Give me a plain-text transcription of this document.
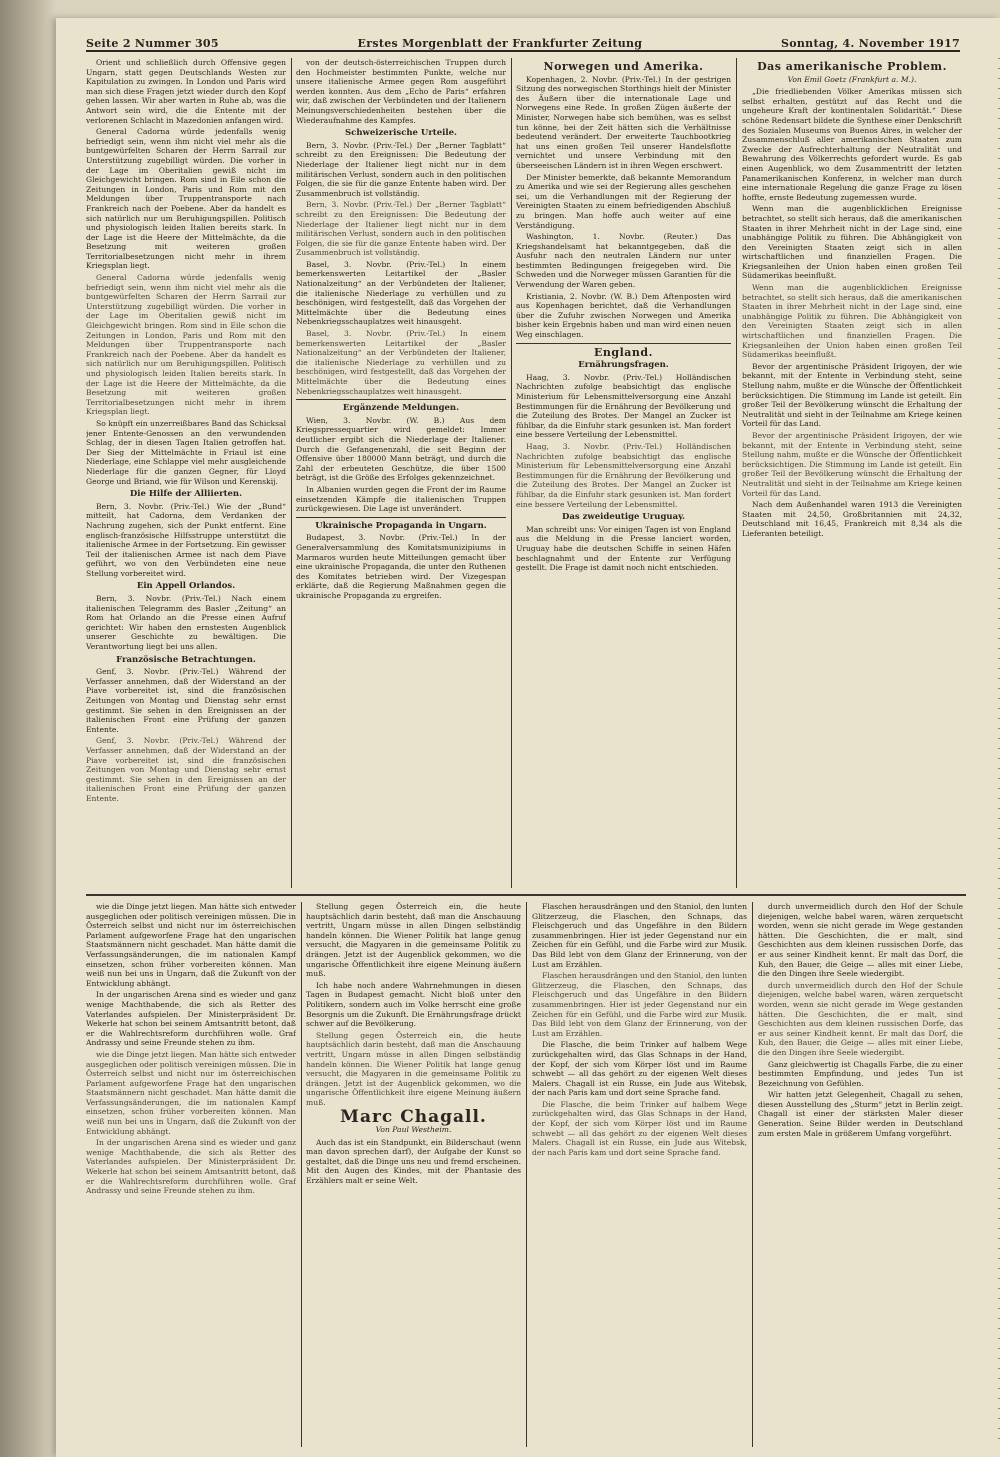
Seite 2 Nummer 305	Erstes Morgenblatt der Frankfurter Zeitung	Sonntag, 4. November 1917

Orient und schließlich durch Offensive gegen Ungarn, statt gegen Deutschlands Westen zur Kapitulation zu zwingen. In London und Paris wird man sich diese Fragen jetzt wieder durch den Kopf gehen lassen. Wir aber warten in Ruhe ab, was die Antwort sein wird, die die Entente mit der verlorenen Schlacht in Mazedonien anfangen wird.

General Cadorna würde jedenfalls wenig befriedigt sein, wenn ihm nicht viel mehr als die buntgewürfelten Scharen der Herrn Sarrail zur Unterstützung zugebilligt würden. Die vorher in der Lage im Oberitalien gewiß nicht im Gleichgewicht bringen. Rom sind in Eile schon die Zeitungen in London, Paris und Rom mit den Meldungen über Truppentransporte nach Frankreich nach der Poebene. Aber da handelt es sich natürlich nur um Beruhigungspillen. Politisch und physiologisch leiden Italien bereits stark. In der Lage ist die Heere der Mittelmächte, da die Besetzung mit weiteren großen Territorialbesetzungen nicht mehr in ihrem Kriegsplan liegt.

General Cadorna würde jedenfalls wenig befriedigt sein, wenn ihm nicht viel mehr als die buntgewürfelten Scharen der Herrn Sarrail zur Unterstützung zugebilligt würden. Die vorher in der Lage im Oberitalien gewiß nicht im Gleichgewicht bringen. Rom sind in Eile schon die Zeitungen in London, Paris und Rom mit den Meldungen über Truppentransporte nach Frankreich nach der Poebene. Aber da handelt es sich natürlich nur um Beruhigungspillen. Politisch und physiologisch leiden Italien bereits stark. In der Lage ist die Heere der Mittelmächte, da die Besetzung mit weiteren großen Territorialbesetzungen nicht mehr in ihrem Kriegsplan liegt.

So knüpft ein unzerreißbares Band das Schicksal jener Entente-Genossen an den verwundenden Schlag, der in diesen Tagen Italien getroffen hat. Der Sieg der Mittelmächte in Friaul ist eine Niederlage, eine Schlappe viel mehr ausgleichende Niederlage für die ganzen Gegner, für Lloyd George und Briand, wie für Wilson und Kerenskij.

Die Hilfe der Alliierten.

Bern, 3. Novbr. (Priv.-Tel.) Wie der „Bund“ mitteilt, hat Cadorna, dem Verdanken der Nachrung zugehen, sich der Punkt entfernt. Eine englisch-französische Hilfsstruppe unterstützt die italienische Armee in der Fortsetzung. Ein gewisser Teil der italienischen Armee ist nach dem Piave geführt, wo von den Verbündeten eine neue Stellung vorbereitet wird.

Ein Appell Orlandos.

Bern, 3. Novbr. (Priv.-Tel.) Nach einem italienischen Telegramm des Basler „Zeitung“ an Rom hat Orlando an die Presse einen Aufruf gerichtet: Wir haben den ernstesten Augenblick unserer Geschichte zu bewältigen. Die Verantwortung liegt bei uns allen.

Französische Betrachtungen.

Genf, 3. Novbr. (Priv.-Tel.) Während der Verfasser annehmen, daß der Widerstand an der Piave vorbereitet ist, sind die französischen Zeitungen von Montag und Dienstag sehr ernst gestimmt. Sie sehen in den Ereignissen an der italienischen Front eine Prüfung der ganzen Entente.

Genf, 3. Novbr. (Priv.-Tel.) Während der Verfasser annehmen, daß der Widerstand an der Piave vorbereitet ist, sind die französischen Zeitungen von Montag und Dienstag sehr ernst gestimmt. Sie sehen in den Ereignissen an der italienischen Front eine Prüfung der ganzen Entente.

von der deutsch-österreichischen Truppen durch den Hochmeister bestimmten Punkte, welche nur unsere italienische Armee gegen Rom ausgeführt werden konnten. Aus dem „Echo de Paris“ erfahren wir, daß zwischen der Verbündeten und der Italienern Meinungsverschiedenheiten bestehen über die Wiederaufnahme des Kampfes.

Schweizerische Urteile.

Bern, 3. Novbr. (Priv.-Tel.) Der „Berner Tagblatt“ schreibt zu den Ereignissen: Die Bedeutung der Niederlage der Italiener liegt nicht nur in dem militärischen Verlust, sondern auch in den politischen Folgen, die sie für die ganze Entente haben wird. Der Zusammenbruch ist vollständig.

Bern, 3. Novbr. (Priv.-Tel.) Der „Berner Tagblatt“ schreibt zu den Ereignissen: Die Bedeutung der Niederlage der Italiener liegt nicht nur in dem militärischen Verlust, sondern auch in den politischen Folgen, die sie für die ganze Entente haben wird. Der Zusammenbruch ist vollständig.

Basel, 3. Novbr. (Priv.-Tel.) In einem bemerkenswerten Leitartikel der „Basler Nationalzeitung“ an der Verbündeten der Italiener, die italienische Niederlage zu verhüllen und zu beschönigen, wird festgestellt, daß das Vorgehen der Mittelmächte über die Bedeutung eines Nebenkriegsschauplatzes weit hinausgeht.

Basel, 3. Novbr. (Priv.-Tel.) In einem bemerkenswerten Leitartikel der „Basler Nationalzeitung“ an der Verbündeten der Italiener, die italienische Niederlage zu verhüllen und zu beschönigen, wird festgestellt, daß das Vorgehen der Mittelmächte über die Bedeutung eines Nebenkriegsschauplatzes weit hinausgeht.

Ergänzende Meldungen.

Wien, 3. Novbr. (W. B.) Aus dem Kriegspressequartier wird gemeldet: Immer deutlicher ergibt sich die Niederlage der Italiener. Durch die Gefangenenzahl, die seit Beginn der Offensive über 180000 Mann beträgt, und durch die Zahl der erbeuteten Geschütze, die über 1500 beträgt, ist die Größe des Erfolges gekennzeichnet.

In Albanien wurden gegen die Front der im Raume einsetzenden Kämpfe die italienischen Truppen zurückgewiesen. Die Lage ist unverändert.

Ukrainische Propaganda in Ungarn.

Budapest, 3. Novbr. (Priv.-Tel.) In der Generalversammlung des Komitatsmunizipiums in Marmaros wurden heute Mitteilungen gemacht über eine ukrainische Propaganda, die unter den Ruthenen des Komitates betrieben wird. Der Vizegespan erklärte, daß die Regierung Maßnahmen gegen die ukrainische Propaganda zu ergreifen.

Norwegen und Amerika.

Kopenhagen, 2. Novbr. (Priv.-Tel.) In der gestrigen Sitzung des norwegischen Storthings hielt der Minister des Äußern über die internationale Lage und Norwegens eine Rede. In großen Zügen äußerte der Minister, Norwegen habe sich bemühen, was es selbst tun könne, bei der Zeit hätten sich die Verhältnisse bedeutend verändert. Der erweiterte Tauchbootkrieg hat uns einen großen Teil unserer Handelsflotte vernichtet und unsere Verbindung mit den überseeischen Ländern ist in ihren Wegen erschwert.

Der Minister bemerkte, daß bekannte Memorandum zu Amerika und wie sei der Regierung alles geschehen sei, um die Verhandlungen mit der Regierung der Vereinigten Staaten zu einem befriedigenden Abschluß zu bringen. Man hoffe auch weiter auf eine Verständigung.

Washington, 1. Novbr. (Reuter.) Das Kriegshandelsamt hat bekanntgegeben, daß die Ausfuhr nach den neutralen Ländern nur unter bestimmten Bedingungen freigegeben wird. Die Schweden und die Norweger müssen Garantien für die Verwendung der Waren geben.

Kristiania, 2. Novbr. (W. B.) Dem Aftenposten wird aus Kopenhagen berichtet, daß die Verhandlungen über die Zufuhr zwischen Norwegen und Amerika bisher kein Ergebnis haben und man wird einen neuen Weg einschlagen.

England.
Ernährungsfragen.

Haag, 3. Novbr. (Priv.-Tel.) Holländischen Nachrichten zufolge beabsichtigt das englische Ministerium für Lebensmittelversorgung eine Anzahl Bestimmungen für die Ernährung der Bevölkerung und die Zuteilung des Brotes. Der Mangel an Zucker ist fühlbar, da die Einfuhr stark gesunken ist. Man fordert eine bessere Verteilung der Lebensmittel.

Haag, 3. Novbr. (Priv.-Tel.) Holländischen Nachrichten zufolge beabsichtigt das englische Ministerium für Lebensmittelversorgung eine Anzahl Bestimmungen für die Ernährung der Bevölkerung und die Zuteilung des Brotes. Der Mangel an Zucker ist fühlbar, da die Einfuhr stark gesunken ist. Man fordert eine bessere Verteilung der Lebensmittel.

Das zweideutige Uruguay.

Man schreibt uns: Vor einigen Tagen ist von England aus die Meldung in die Presse lanciert worden, Uruguay habe die deutschen Schiffe in seinen Häfen beschlagnahmt und der Entente zur Verfügung gestellt. Die Frage ist damit noch nicht entschieden.

Das amerikanische Problem.
Von Emil Goetz (Frankfurt a. M.).

„Die friedliebenden Völker Amerikas müssen sich selbst erhalten, gestützt auf das Recht und die ungeheure Kraft der kontinentalen Solidarität.“ Diese schöne Redensart bildete die Synthese einer Denkschrift des Sozialen Museums von Buenos Aires, in welcher der Zusammenschluß aller amerikanischen Staaten zum Zwecke der Aufrechterhaltung der Neutralität und Bewahrung des Völkerrechts gefordert wurde. Es gab einen Augenblick, wo dem Zusammentritt der letzten Panamerikanischen Konferenz, in welcher man durch eine internationale Regelung die ganze Frage zu lösen hoffte, ernste Bedeutung zugemessen wurde.

Wenn man die augenblicklichen Ereignisse betrachtet, so stellt sich heraus, daß die amerikanischen Staaten in ihrer Mehrheit nicht in der Lage sind, eine unabhängige Politik zu führen. Die Abhängigkeit von den Vereinigten Staaten zeigt sich in allen wirtschaftlichen und finanziellen Fragen. Die Kriegsanleihen der Union haben einen großen Teil Südamerikas beeinflußt.

Wenn man die augenblicklichen Ereignisse betrachtet, so stellt sich heraus, daß die amerikanischen Staaten in ihrer Mehrheit nicht in der Lage sind, eine unabhängige Politik zu führen. Die Abhängigkeit von den Vereinigten Staaten zeigt sich in allen wirtschaftlichen und finanziellen Fragen. Die Kriegsanleihen der Union haben einen großen Teil Südamerikas beeinflußt.

Bevor der argentinische Präsident Irigoyen, der wie bekannt, mit der Entente in Verbindung steht, seine Stellung nahm, mußte er die Wünsche der Öffentlichkeit berücksichtigen. Die Stimmung im Lande ist geteilt. Ein großer Teil der Bevölkerung wünscht die Erhaltung der Neutralität und sieht in der Teilnahme am Kriege keinen Vorteil für das Land.

Bevor der argentinische Präsident Irigoyen, der wie bekannt, mit der Entente in Verbindung steht, seine Stellung nahm, mußte er die Wünsche der Öffentlichkeit berücksichtigen. Die Stimmung im Lande ist geteilt. Ein großer Teil der Bevölkerung wünscht die Erhaltung der Neutralität und sieht in der Teilnahme am Kriege keinen Vorteil für das Land.

Nach dem Außenhandel waren 1913 die Vereinigten Staaten mit 24,50, Großbritannien mit 24,32, Deutschland mit 16,45, Frankreich mit 8,34 als die Lieferanten beteiligt.

wie die Dinge jetzt liegen. Man hätte sich entweder ausgeglichen oder politisch vereinigen müssen. Die in Österreich selbst und nicht nur im österreichischen Parlament aufgeworfene Frage hat den ungarischen Staatsmännern nicht geschadet. Man hätte damit die Verfassungsänderungen, die im nationalen Kampf einsetzen, schon früher vorbereiten können. Man weiß nun bei uns in Ungarn, daß die Zukunft von der Entwicklung abhängt.

In der ungarischen Arena sind es wieder und ganz wenige Machthabende, die sich als Retter des Vaterlandes aufspielen. Der Ministerpräsident Dr. Wekerle hat schon bei seinem Amtsantritt betont, daß er die Wahlrechtsreform durchführen wolle. Graf Andrassy und seine Freunde stehen zu ihm.

wie die Dinge jetzt liegen. Man hätte sich entweder ausgeglichen oder politisch vereinigen müssen. Die in Österreich selbst und nicht nur im österreichischen Parlament aufgeworfene Frage hat den ungarischen Staatsmännern nicht geschadet. Man hätte damit die Verfassungsänderungen, die im nationalen Kampf einsetzen, schon früher vorbereiten können. Man weiß nun bei uns in Ungarn, daß die Zukunft von der Entwicklung abhängt.

In der ungarischen Arena sind es wieder und ganz wenige Machthabende, die sich als Retter des Vaterlandes aufspielen. Der Ministerpräsident Dr. Wekerle hat schon bei seinem Amtsantritt betont, daß er die Wahlrechtsreform durchführen wolle. Graf Andrassy und seine Freunde stehen zu ihm.

Stellung gegen Österreich ein, die heute hauptsächlich darin besteht, daß man die Anschauung vertritt, Ungarn müsse in allen Dingen selbständig handeln können. Die Wiener Politik hat lange genug versucht, die Magyaren in die gemeinsame Politik zu drängen. Jetzt ist der Augenblick gekommen, wo die ungarische Öffentlichkeit ihre eigene Meinung äußern muß.

Ich habe noch andere Wahrnehmungen in diesen Tagen in Budapest gemacht. Nicht bloß unter den Politikern, sondern auch im Volke herrscht eine große Besorgnis um die Zukunft. Die Ernährungsfrage drückt schwer auf die Bevölkerung.

Stellung gegen Österreich ein, die heute hauptsächlich darin besteht, daß man die Anschauung vertritt, Ungarn müsse in allen Dingen selbständig handeln können. Die Wiener Politik hat lange genug versucht, die Magyaren in die gemeinsame Politik zu drängen. Jetzt ist der Augenblick gekommen, wo die ungarische Öffentlichkeit ihre eigene Meinung äußern muß.

Marc Chagall.
Von Paul Westheim.

Auch das ist ein Standpunkt, ein Bilderschaut (wenn man davon sprechen darf), der Aufgabe der Kunst so gestaltet, daß die Dinge uns neu und fremd erscheinen. Mit den Augen des Kindes, mit der Phantasie des Erzählers malt er seine Welt.

Flaschen herausdrängen und den Staniol, den lunten Glitzerzeug, die Flaschen, den Schnaps, das Fleischgeruch und das Ungefähre in den Bildern zusammenbringen. Hier ist jeder Gegenstand nur ein Zeichen für ein Gefühl, und die Farbe wird zur Musik. Das Bild lebt von dem Glanz der Erinnerung, von der Lust am Erzählen.

Flaschen herausdrängen und den Staniol, den lunten Glitzerzeug, die Flaschen, den Schnaps, das Fleischgeruch und das Ungefähre in den Bildern zusammenbringen. Hier ist jeder Gegenstand nur ein Zeichen für ein Gefühl, und die Farbe wird zur Musik. Das Bild lebt von dem Glanz der Erinnerung, von der Lust am Erzählen.

Die Flasche, die beim Trinker auf halbem Wege zurückgehalten wird, das Glas Schnaps in der Hand, der Kopf, der sich vom Körper löst und im Raume schwebt — all das gehört zu der eigenen Welt dieses Malers. Chagall ist ein Russe, ein Jude aus Witebsk, der nach Paris kam und dort seine Sprache fand.

Die Flasche, die beim Trinker auf halbem Wege zurückgehalten wird, das Glas Schnaps in der Hand, der Kopf, der sich vom Körper löst und im Raume schwebt — all das gehört zu der eigenen Welt dieses Malers. Chagall ist ein Russe, ein Jude aus Witebsk, der nach Paris kam und dort seine Sprache fand.

durch unvermeidlich durch den Hof der Schule diejenigen, welche babel waren, wären zerquetscht worden, wenn sie nicht gerade im Wege gestanden hätten. Die Geschichten, die er malt, sind Geschichten aus dem kleinen russischen Dorfe, das er aus seiner Kindheit kennt. Er malt das Dorf, die Kuh, den Bauer, die Geige — alles mit einer Liebe, die den Dingen ihre Seele wiedergibt.

durch unvermeidlich durch den Hof der Schule diejenigen, welche babel waren, wären zerquetscht worden, wenn sie nicht gerade im Wege gestanden hätten. Die Geschichten, die er malt, sind Geschichten aus dem kleinen russischen Dorfe, das er aus seiner Kindheit kennt. Er malt das Dorf, die Kuh, den Bauer, die Geige — alles mit einer Liebe, die den Dingen ihre Seele wiedergibt.

Ganz gleichwertig ist Chagalls Farbe, die zu einer bestimmten Empfindung, und jedes Tun ist Bezeichnung von Gefühlen.

Wir hatten jetzt Gelegenheit, Chagall zu sehen, diesen Ausstellung des „Sturm“ jetzt in Berlin zeigt. Chagall ist einer der stärksten Maler dieser Generation. Seine Bilder werden in Deutschland zum ersten Male in größerem Umfang vorgeführt.
